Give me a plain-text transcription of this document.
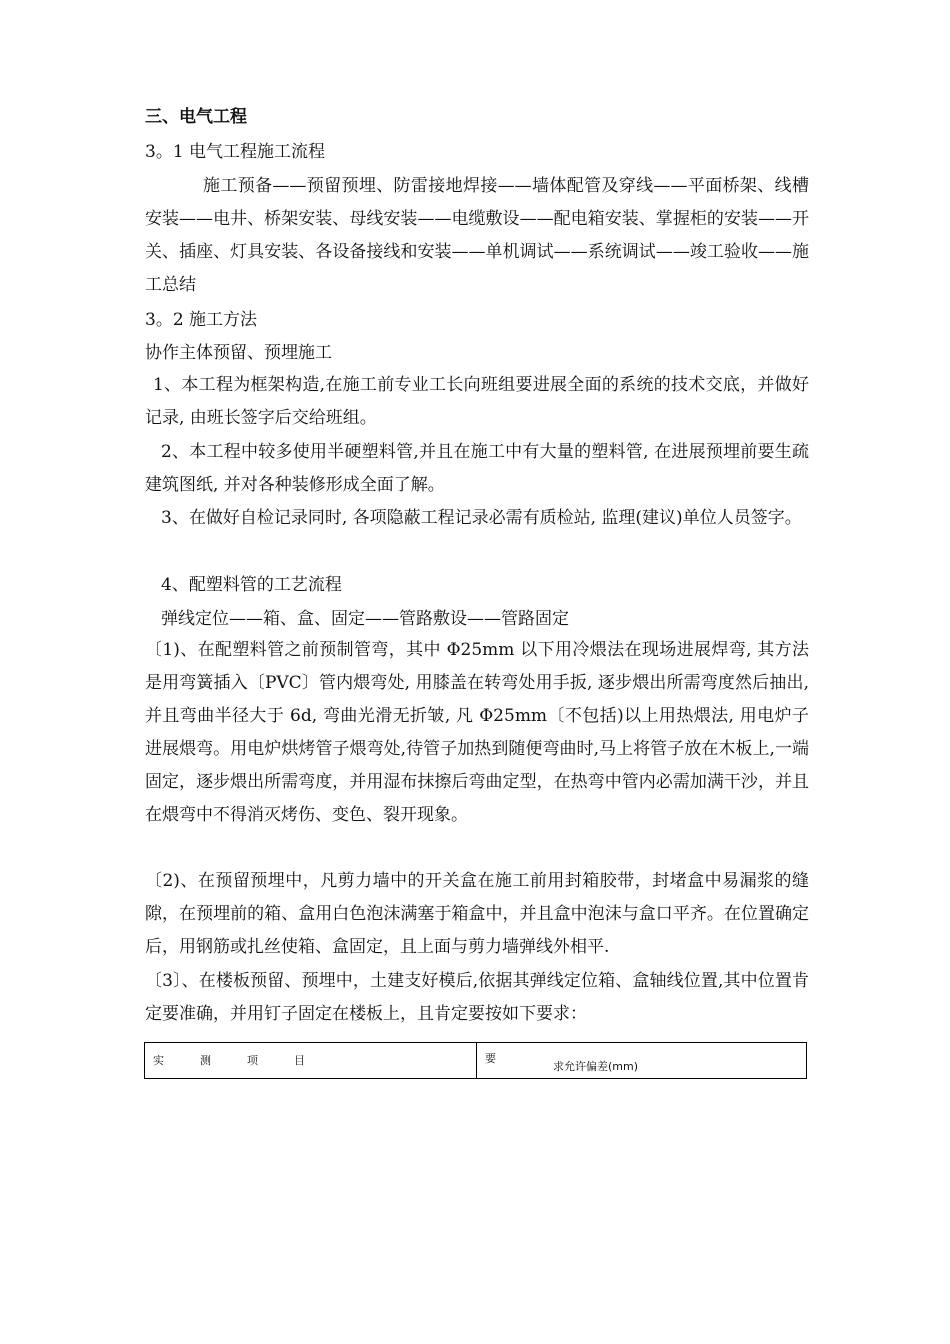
三、电气工程
3。1 电气工程施工流程
施工预备——预留预埋、防雷接地焊接——墙体配管及穿线——平面桥架、线槽安装——电井、桥架安装、母线安装——电缆敷设——配电箱安装、掌握柜的安装——开关、插座、灯具安装、各设备接线和安装——单机调试——系统调试——竣工验收——施工总结
3。2 施工方法
协作主体预留、预埋施工
1、本工程为框架构造,在施工前专业工长向班组要进展全面的系统的技术交底，并做好记录, 由班长签字后交给班组。
2、本工程中较多使用半硬塑料管,并且在施工中有大量的塑料管, 在进展预埋前要生疏建筑图纸, 并对各种装修形成全面了解。
3、在做好自检记录同时, 各项隐蔽工程记录必需有质检站, 监理(建议)单位人员签字。
4、配塑料管的工艺流程
弹线定位——箱、盒、固定——管路敷设——管路固定
〔1)、在配塑料管之前预制管弯，其中 Φ25mm 以下用冷煨法在现场进展焊弯, 其方法是用弯簧插入〔PVC〕管内煨弯处, 用膝盖在转弯处用手扳, 逐步煨出所需弯度然后抽出, 并且弯曲半径大于 6d, 弯曲光滑无折皱, 凡 Φ25mm〔不包括)以上用热煨法, 用电炉子进展煨弯。用电炉烘烤管子煨弯处,待管子加热到随便弯曲时,马上将管子放在木板上,一端固定，逐步煨出所需弯度，并用湿布抹擦后弯曲定型，在热弯中管内必需加满干沙，并且在煨弯中不得消灭烤伤、变色、裂开现象。
〔2)、在预留预埋中，凡剪力墙中的开关盒在施工前用封箱胶带，封堵盒中易漏浆的缝隙，在预埋前的箱、盒用白色泡沫满塞于箱盒中，并且盒中泡沫与盒口平齐。在位置确定后，用钢筋或扎丝使箱、盒固定，且上面与剪力墙弹线外相平.
〔3〕、在楼板预留、预埋中，土建支好模后,依据其弹线定位箱、盒轴线位置,其中位置肯定要准确，并用钉子固定在楼板上，且肯定要按如下要求：
实测项目	要
求允许偏差(mm)
